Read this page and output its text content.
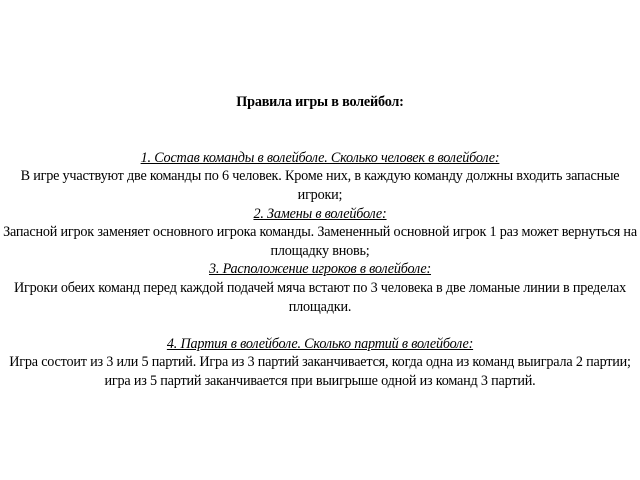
Правила игры в волейбол:

1. Состав команды в волейболе. Сколько человек в волейболе:

В игре участвуют две команды по 6 человек. Кроме них, в каждую команду должны входить запасные игроки;

2. Замены в волейболе:

Запасной игрок заменяет основного игрока команды. Замененный основной игрок 1 раз может вернуться на площадку вновь;

3. Расположение игроков в волейболе:

Игроки обеих команд перед каждой подачей мяча встают по 3 человека в две ломаные линии в пределах площадки.

4. Партия в волейболе. Сколько партий в волейболе:

Игра состоит из 3 или 5 партий. Игра из 3 партий заканчивается, когда одна из команд выиграла 2 партии; игра из 5 партий заканчивается при выигрыше одной из команд 3 партий.
